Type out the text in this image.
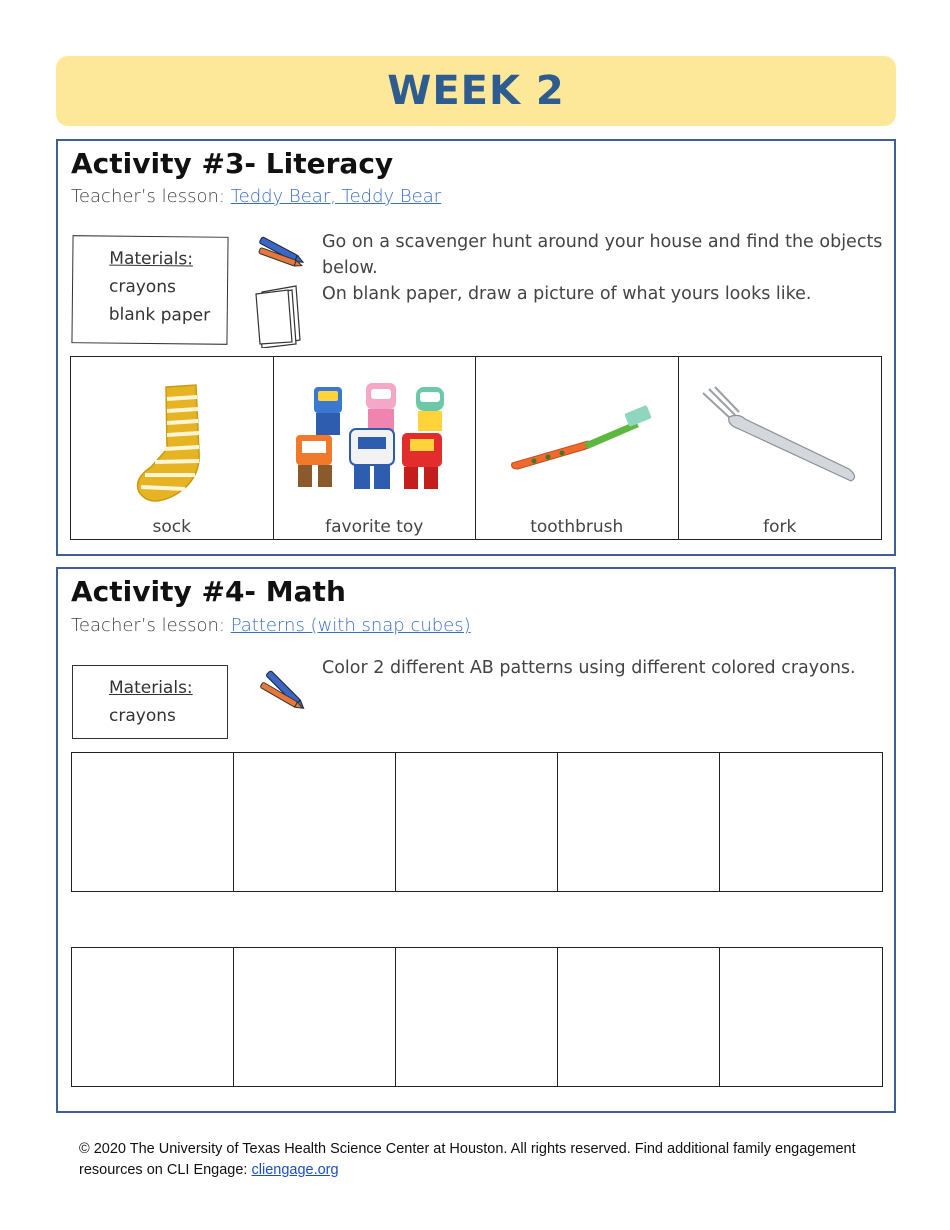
WEEK 2
Activity #3- Literacy
Teacher’s lesson: Teddy Bear, Teddy Bear
Materials:
crayons
blank paper
Go on a scavenger hunt around your house and find the objects below.
On blank paper, draw a picture of what yours looks like.
sock	favorite toy	toothbrush	fork
Activity #4- Math
Teacher’s lesson: Patterns (with snap cubes)
Materials:
crayons
Color 2 different AB patterns using different colored crayons.
© 2020 The University of Texas Health Science Center at Houston. All rights reserved. Find additional family engagement resources on CLI Engage: cliengage.org
